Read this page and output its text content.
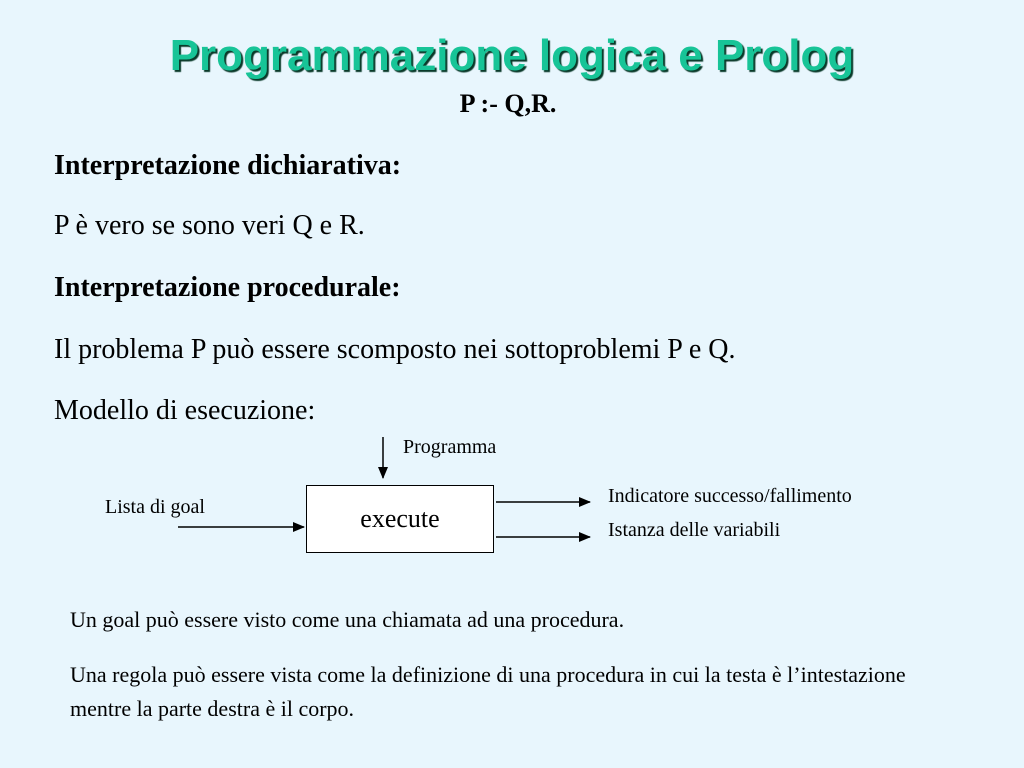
Programmazione logica e Prolog
P :- Q,R.
Interpretazione dichiarativa:
P è vero se sono veri Q e R.
Interpretazione procedurale:
Il problema P può essere scomposto nei sottoproblemi P e Q.
Modello di esecuzione:
Programma
Lista di goal	execute
Indicatore successo/fallimento
Istanza delle variabili
Un goal può essere visto come una chiamata ad una procedura.
Una regola può essere vista come la definizione di una procedura in cui la testa è l’intestazione mentre la parte destra è il corpo.
